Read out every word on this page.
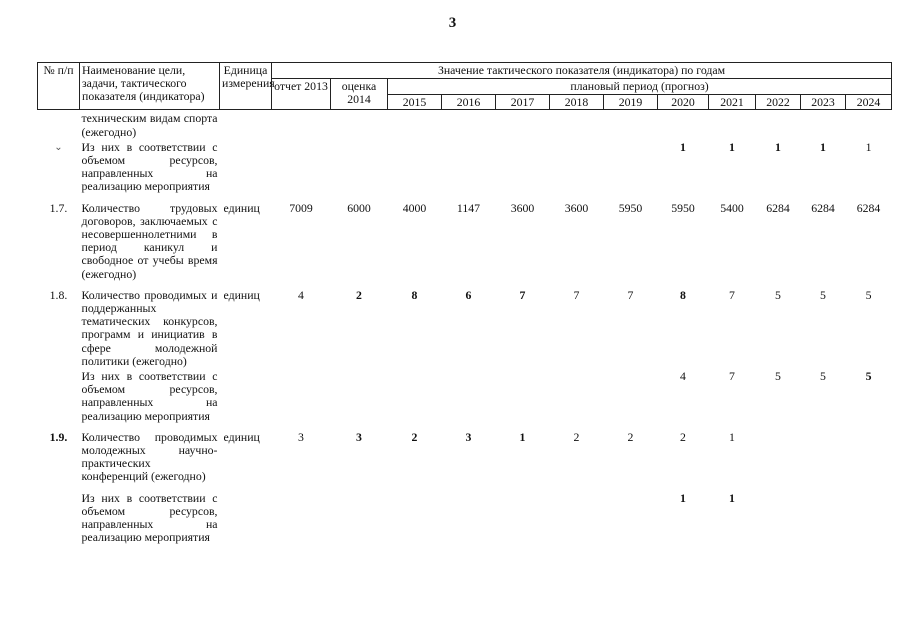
3
№ п/п	Наименование цели, задачи, тактического показателя (индикатора)	Единица измерения	Значение тактического показателя (индикатора) по годам											
			отчет 2013	оценка 2014	плановый период (прогноз)									
					2015	2016	2017	2018	2019	2020	2021	2022	2023	2024
	техническим видам спорта (ежегодно)													
⌄	Из них в соответствии с объемом ресурсов, направленных на реализацию мероприятия									1	1	1	1	1
1.7.	Количество трудовых договоров, заключаемых с несовершеннолетними в период каникул и свободное от учебы время (ежегодно)	единиц	7009	6000	4000	1147	3600	3600	5950	5950	5400	6284	6284	6284
1.8.	Количество проводимых и поддержанных тематических конкурсов, программ и инициатив в сфере молодежной политики (ежегодно)	единиц	4	2	8	6	7	7	7	8	7	5	5	5
	Из них в соответствии с объемом ресурсов, направленных на реализацию мероприятия									4	7	5	5	5
1.9.	Количество проводимых молодежных научно-практических конференций (ежегодно)	единиц	3	3	2	3	1	2	2	2	1			
	Из них в соответствии с объемом ресурсов, направленных на реализацию мероприятия									1	1			
